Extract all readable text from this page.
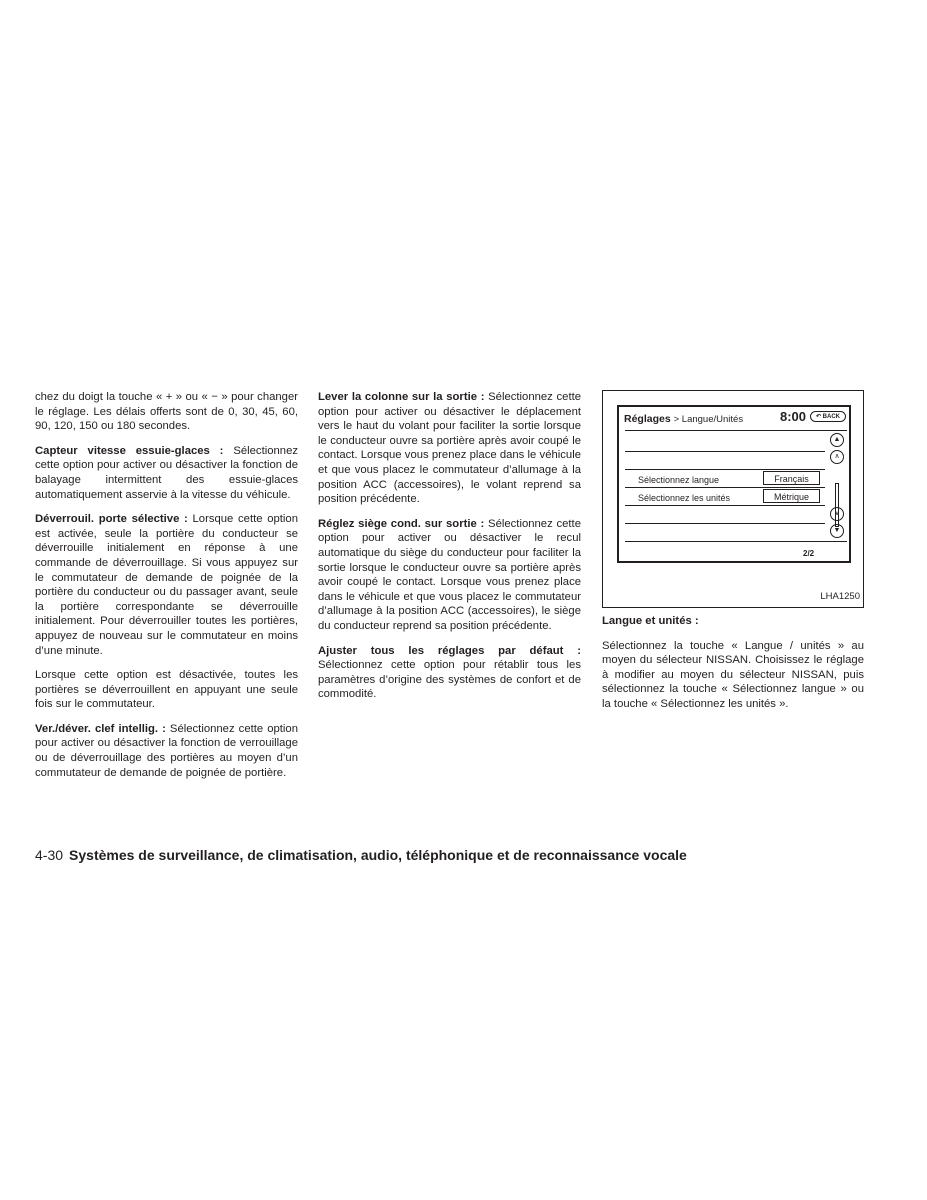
chez du doigt la touche « + » ou « − » pour changer le réglage. Les délais offerts sont de 0, 30, 45, 60, 90, 120, 150 ou 180 secondes.

Capteur vitesse essuie-glaces : Sélectionnez cette option pour activer ou désactiver la fonction de balayage intermittent des essuie-glaces automatiquement asservie à la vitesse du véhicule.

Déverrouil. porte sélective : Lorsque cette option est activée, seule la portière du conducteur se déverrouille initialement en réponse à une commande de déverrouillage. Si vous appuyez sur le commutateur de demande de poignée de la portière du conducteur ou du passager avant, seule la portière correspondante se déverrouille initialement. Pour déverrouiller toutes les portières, appuyez de nouveau sur le commutateur en moins d’une minute.

Lorsque cette option est désactivée, toutes les portières se déverrouillent en appuyant une seule fois sur le commutateur.

Ver./déver. clef intellig. : Sélectionnez cette option pour activer ou désactiver la fonction de verrouillage ou de déverrouillage des portières au moyen d’un commutateur de demande de poignée de portière.

Lever la colonne sur la sortie : Sélectionnez cette option pour activer ou désactiver le déplacement vers le haut du volant pour faciliter la sortie lorsque le conducteur ouvre sa portière après avoir coupé le contact. Lorsque vous prenez place dans le véhicule et que vous placez le commutateur d’allumage à la position ACC (accessoires), le volant reprend sa position précédente.

Réglez siège cond. sur sortie : Sélectionnez cette option pour activer ou désactiver le recul automatique du siège du conducteur pour faciliter la sortie lorsque le conducteur ouvre sa portière après avoir coupé le contact. Lorsque vous prenez place dans le véhicule et que vous placez le commutateur d’allumage à la position ACC (accessoires), le siège du conducteur reprend sa position précédente.

Ajuster tous les réglages par défaut : Sélectionnez cette option pour rétablir tous les paramètres d’origine des systèmes de confort et de commodité.

Réglages > Langue/Unités	8:00	↶ BACK
Sélectionnez langue	Français
Sélectionnez les unités	Métrique
▲
∧
∨
▼
2/2
LHA1250

Langue et unités :

Sélectionnez la touche « Langue / unités » au moyen du sélecteur NISSAN. Choisissez le réglage à modifier au moyen du sélecteur NISSAN, puis sélectionnez la touche « Sélectionnez langue » ou la touche « Sélectionnez les unités ».

4-30 Systèmes de surveillance, de climatisation, audio, téléphonique et de reconnaissance vocale
